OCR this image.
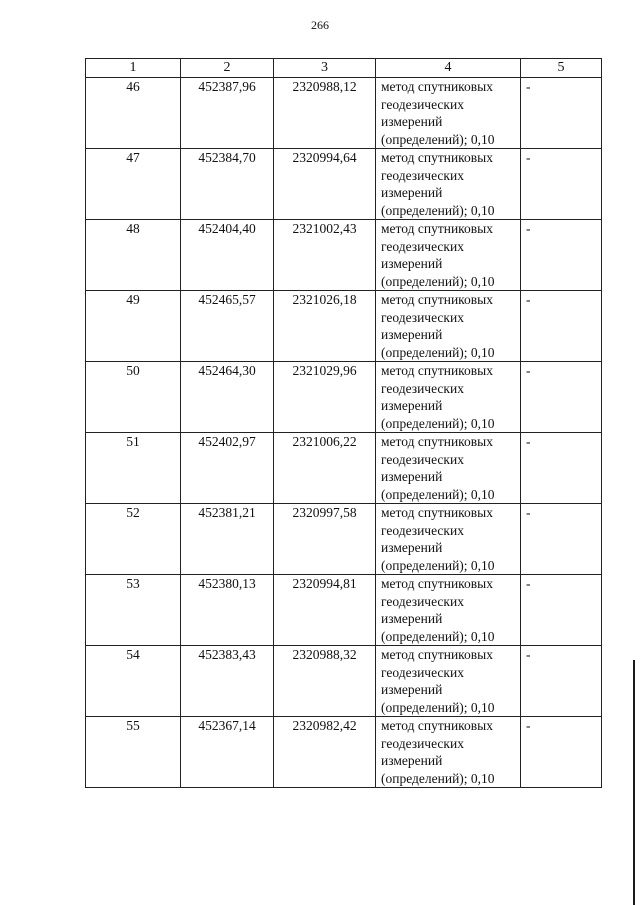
266
1	2	3	4	5
46	452387,96	2320988,12	метод спутниковых геодезических измерений (определений); 0,10	-
47	452384,70	2320994,64	метод спутниковых геодезических измерений (определений); 0,10	-
48	452404,40	2321002,43	метод спутниковых геодезических измерений (определений); 0,10	-
49	452465,57	2321026,18	метод спутниковых геодезических измерений (определений); 0,10	-
50	452464,30	2321029,96	метод спутниковых геодезических измерений (определений); 0,10	-
51	452402,97	2321006,22	метод спутниковых геодезических измерений (определений); 0,10	-
52	452381,21	2320997,58	метод спутниковых геодезических измерений (определений); 0,10	-
53	452380,13	2320994,81	метод спутниковых геодезических измерений (определений); 0,10	-
54	452383,43	2320988,32	метод спутниковых геодезических измерений (определений); 0,10	-
55	452367,14	2320982,42	метод спутниковых геодезических измерений (определений); 0,10	-
